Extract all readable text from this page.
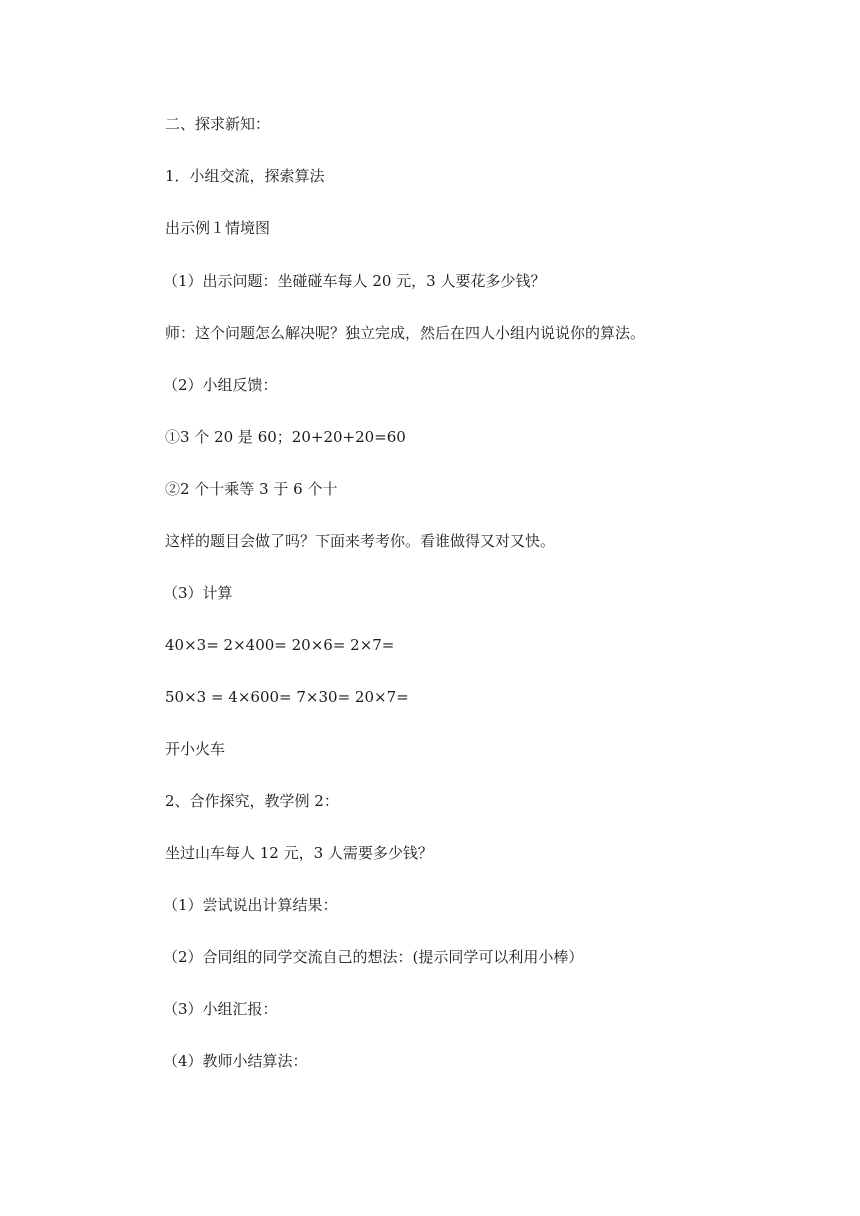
二、探求新知：
1．小组交流，探索算法
出示例１情境图
（1）出示问题：坐碰碰车每人 20 元，3 人要花多少钱？
师：这个问题怎么解决呢？独立完成，然后在四人小组内说说你的算法。
（2）小组反馈：
①3 个 20 是 60；20+20+20=60
②2 个十乘等 3 于 6 个十
这样的题目会做了吗？下面来考考你。看谁做得又对又快。
（3）计算
40×3= 2×400= 20×6= 2×7=
50×3 = 4×600= 7×30= 20×7=
开小火车
2、合作探究，教学例 2：
坐过山车每人 12 元，3 人需要多少钱？
（1）尝试说出计算结果：
（2）合同组的同学交流自己的想法：(提示同学可以利用小棒）
（3）小组汇报：
（4）教师小结算法：
